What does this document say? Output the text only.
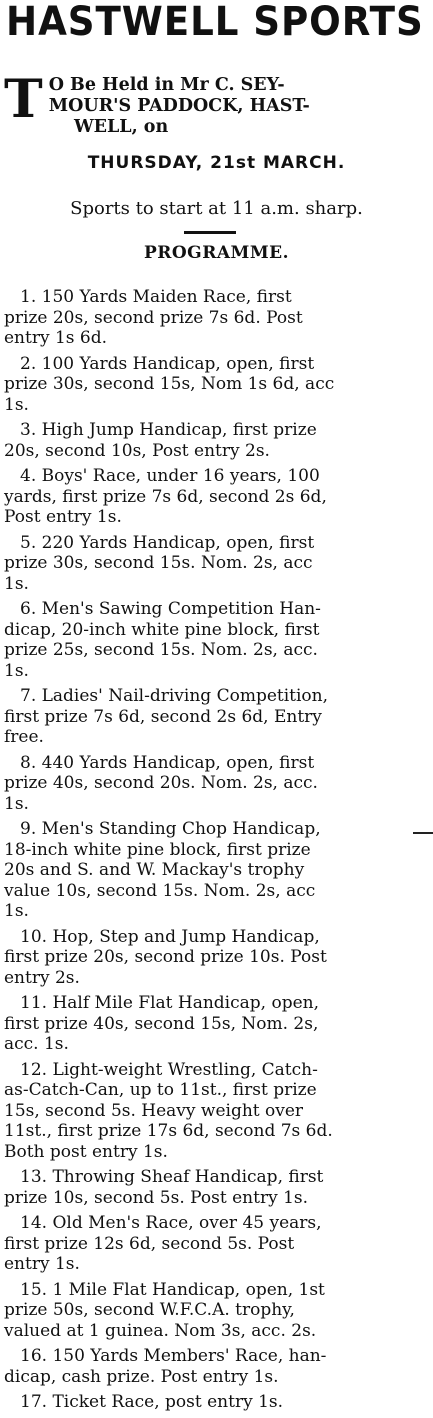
HASTWELL SPORTS
T O Be Held in Mr C. SEY-
MOUR'S PADDOCK, HAST-
WELL, on
THURSDAY, 21st MARCH.
Sports to start at 11 a.m. sharp.
PROGRAMME.
1. 150 Yards Maiden Race, first
prize 20s, second prize 7s 6d. Post
entry 1s 6d.
2. 100 Yards Handicap, open, first
prize 30s, second 15s, Nom 1s 6d, acc
1s.
3. High Jump Handicap, first prize
20s, second 10s, Post entry 2s.
4. Boys' Race, under 16 years, 100
yards, first prize 7s 6d, second 2s 6d,
Post entry 1s.
5. 220 Yards Handicap, open, first
prize 30s, second 15s. Nom. 2s, acc
1s.
6. Men's Sawing Competition Han-
dicap, 20-inch white pine block, first
prize 25s, second 15s. Nom. 2s, acc.
1s.
7. Ladies' Nail-driving Competition,
first prize 7s 6d, second 2s 6d, Entry
free.
8. 440 Yards Handicap, open, first
prize 40s, second 20s. Nom. 2s, acc.
1s.
9. Men's Standing Chop Handicap,
18-inch white pine block, first prize
20s and S. and W. Mackay's trophy
value 10s, second 15s. Nom. 2s, acc
1s.
10. Hop, Step and Jump Handicap,
first prize 20s, second prize 10s. Post
entry 2s.
11. Half Mile Flat Handicap, open,
first prize 40s, second 15s, Nom. 2s,
acc. 1s.
12. Light-weight Wrestling, Catch-
as-Catch-Can, up to 11st., first prize
15s, second 5s. Heavy weight over
11st., first prize 17s 6d, second 7s 6d.
Both post entry 1s.
13. Throwing Sheaf Handicap, first
prize 10s, second 5s. Post entry 1s.
14. Old Men's Race, over 45 years,
first prize 12s 6d, second 5s. Post
entry 1s.
15. 1 Mile Flat Handicap, open, 1st
prize 50s, second W.F.C.A. trophy,
valued at 1 guinea. Nom 3s, acc. 2s.
16. 150 Yards Members' Race, han-
dicap, cash prize. Post entry 1s.
17. Ticket Race, post entry 1s.
